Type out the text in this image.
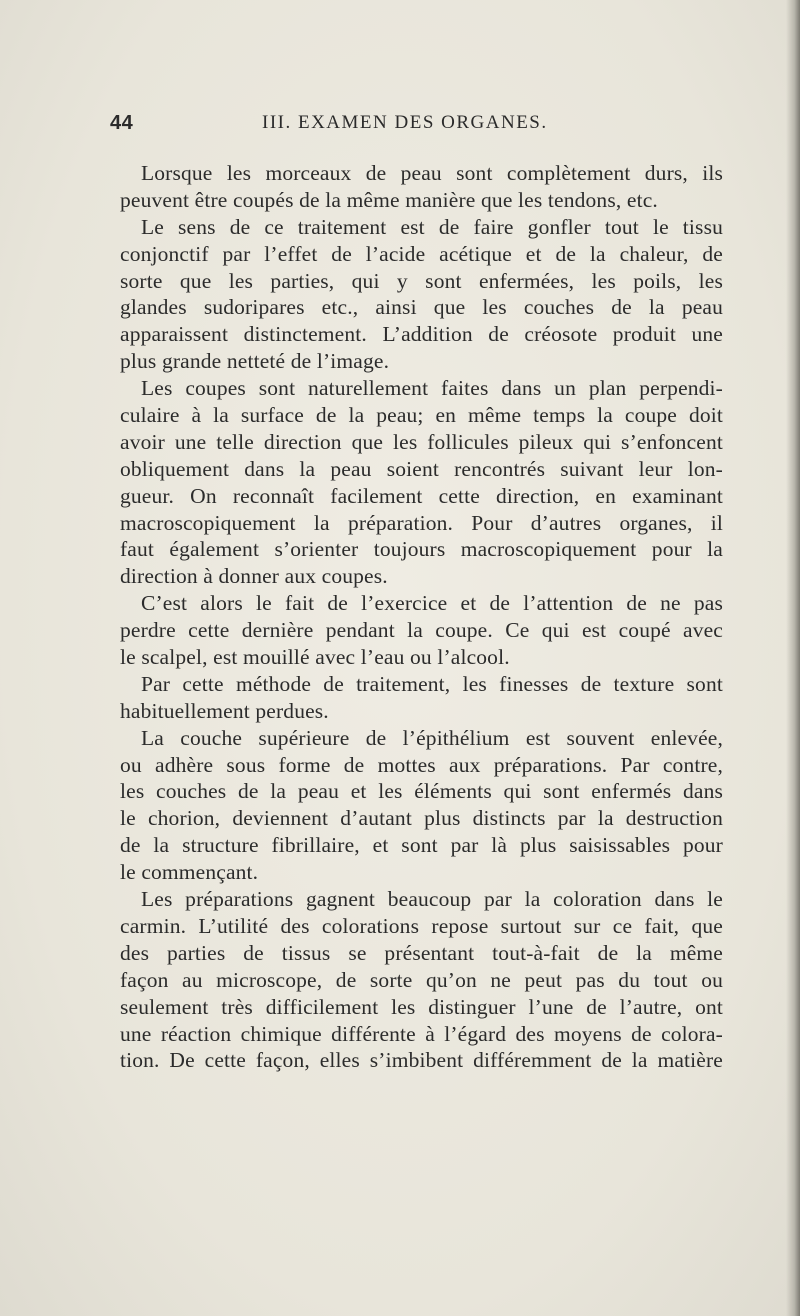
44	III. EXAMEN DES ORGANES.
Lorsque les morceaux de peau sont complètement durs, ils
peuvent être coupés de la même manière que les tendons, etc.
Le sens de ce traitement est de faire gonfler tout le tissu
conjonctif par l’effet de l’acide acétique et de la chaleur, de
sorte que les parties, qui y sont enfermées, les poils, les
glandes sudoripares etc., ainsi que les couches de la peau
apparaissent distinctement. L’addition de créosote produit une
plus grande netteté de l’image.
Les coupes sont naturellement faites dans un plan perpendi-
culaire à la surface de la peau; en même temps la coupe doit
avoir une telle direction que les follicules pileux qui s’enfoncent
obliquement dans la peau soient rencontrés suivant leur lon-
gueur. On reconnaît facilement cette direction, en examinant
macroscopiquement la préparation. Pour d’autres organes, il
faut également s’orienter toujours macroscopiquement pour la
direction à donner aux coupes.
C’est alors le fait de l’exercice et de l’attention de ne pas
perdre cette dernière pendant la coupe. Ce qui est coupé avec
le scalpel, est mouillé avec l’eau ou l’alcool.
Par cette méthode de traitement, les finesses de texture sont
habituellement perdues.
La couche supérieure de l’épithélium est souvent enlevée,
ou adhère sous forme de mottes aux préparations. Par contre,
les couches de la peau et les éléments qui sont enfermés dans
le chorion, deviennent d’autant plus distincts par la destruction
de la structure fibrillaire, et sont par là plus saisissables pour
le commençant.
Les préparations gagnent beaucoup par la coloration dans le
carmin. L’utilité des colorations repose surtout sur ce fait, que
des parties de tissus se présentant tout-à-fait de la même
façon au microscope, de sorte qu’on ne peut pas du tout ou
seulement très difficilement les distinguer l’une de l’autre, ont
une réaction chimique différente à l’égard des moyens de colora-
tion. De cette façon, elles s’imbibent différemment de la matière
